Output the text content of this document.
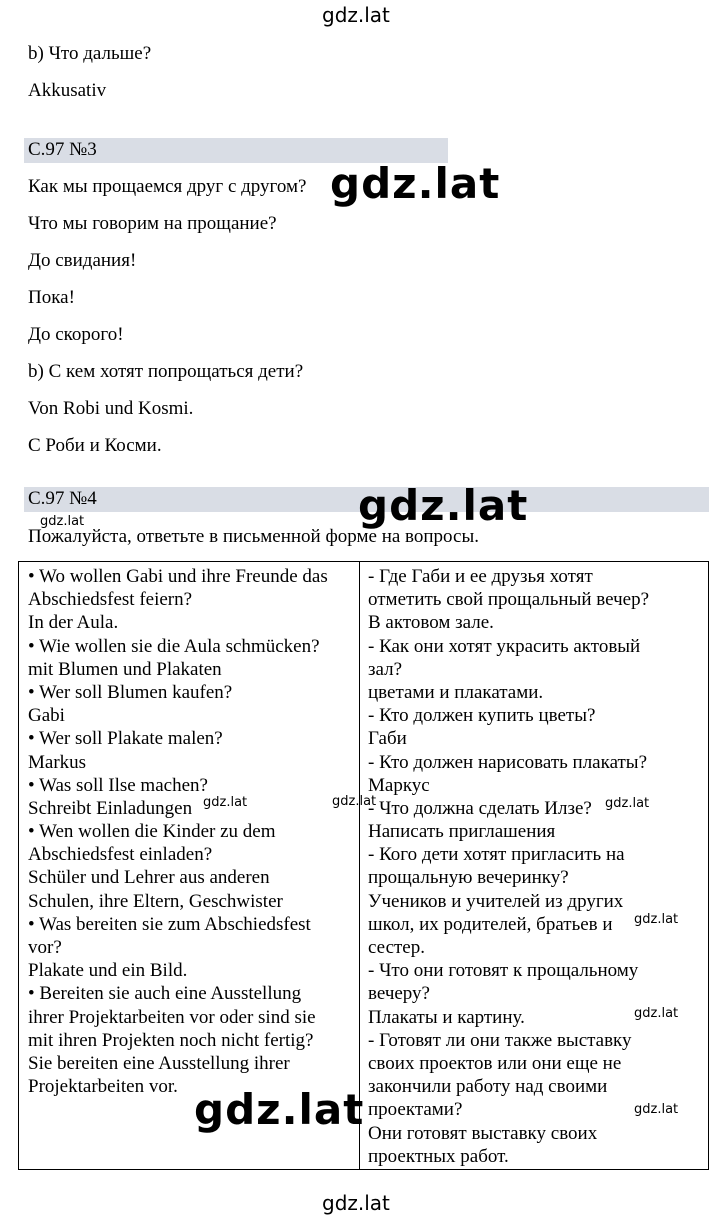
gdz.lat
b) Что дальше?
Akkusativ
С.97 №3
Как мы прощаемся друг с другом?
Что мы говорим на прощание?
До свидания!
Пока!
До скорого!
b) С кем хотят попрощаться дети?
Von Robi und Kosmi.
С Роби и Косми.
С.97 №4
Пожалуйста, ответьте в письменной форме на вопросы.
• Wo wollen Gabi und ihre Freunde das
Abschiedsfest feiern?
In der Aula.
• Wie wollen sie die Aula schmücken?
mit Blumen und Plakaten
• Wer soll Blumen kaufen?
Gabi
• Wer soll Plakate malen?
Markus
• Was soll Ilse machen?
Schreibt Einladungen
• Wen wollen die Kinder zu dem
Abschiedsfest einladen?
Schüler und Lehrer aus anderen
Schulen, ihre Eltern, Geschwister
• Was bereiten sie zum Abschiedsfest
vor?
Plakate und ein Bild.
• Bereiten sie auch eine Ausstellung
ihrer Projektarbeiten vor oder sind sie
mit ihren Projekten noch nicht fertig?
Sie bereiten eine Ausstellung ihrer
Projektarbeiten vor.

- Где Габи и ее друзья хотят
отметить свой прощальный вечер?
В актовом зале.
- Как они хотят украсить актовый
зал?
цветами и плакатами.
- Кто должен купить цветы?
Габи
- Кто должен нарисовать плакаты?
Маркус
- Что должна сделать Илзе?
Написать приглашения
- Кого дети хотят пригласить на
прощальную вечеринку?
Учеников и учителей из других
школ, их родителей, братьев и
сестер.
- Что они готовят к прощальному
вечеру?
Плакаты и картину.
- Готовят ли они также выставку
своих проектов или они еще не
закончили работу над своими
проектами?
Они готовят выставку своих
проектных работ.
gdz.lat
gdz.lat
gdz.lat
gdz.lat
gdz.lat	gdz.lat	gdz.lat
gdz.lat
gdz.lat
gdz.lat
gdz.lat
